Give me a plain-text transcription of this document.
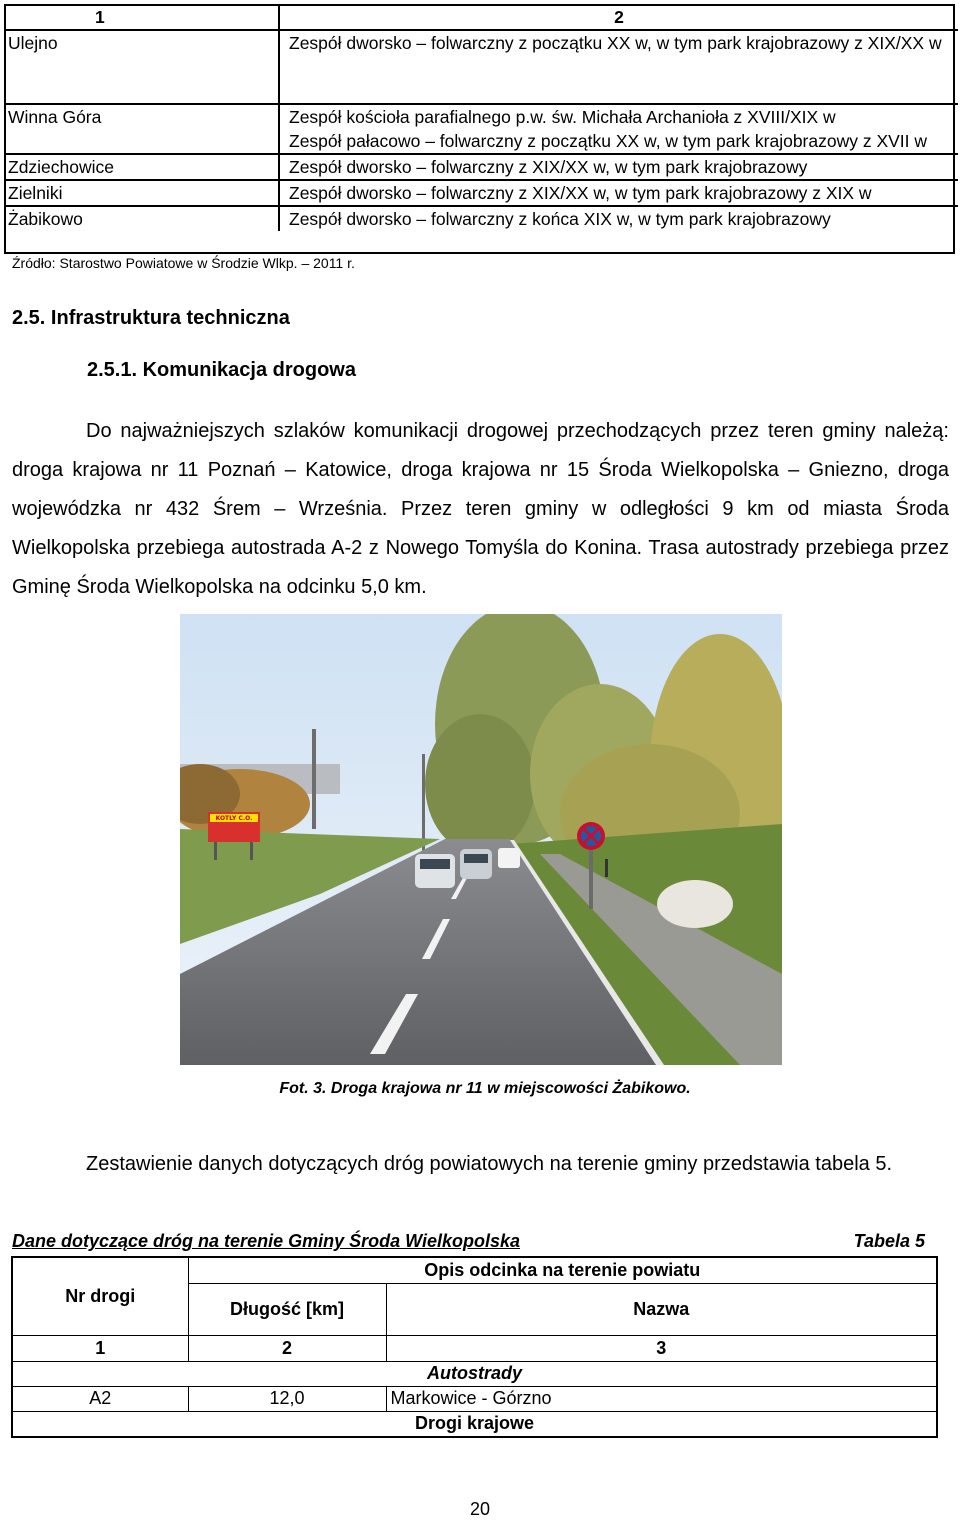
1	2
Ulejno	Zespół dworsko – folwarczny z początku XX w, w tym park krajobrazowy z XIX/XX w
Winna Góra	Zespół kościoła parafialnego p.w. św. Michała Archanioła z XVIII/XIX w
	Zespół pałacowo – folwarczny z początku XX w, w tym park krajobrazowy z XVII w
Zdziechowice	Zespół dworsko – folwarczny z XIX/XX w, w tym park krajobrazowy
Zielniki	Zespół dworsko – folwarczny z XIX/XX w, w tym park krajobrazowy z XIX w
Żabikowo	Zespół dworsko – folwarczny z końca XIX w, w tym park krajobrazowy
Źródło: Starostwo Powiatowe w Środzie Wlkp. – 2011 r.
2.5. Infrastruktura techniczna
2.5.1. Komunikacja drogowa

Do najważniejszych szlaków komunikacji drogowej przechodzących przez teren gminy należą: droga krajowa nr 11 Poznań – Katowice, droga krajowa nr 15 Środa Wielkopolska – Gniezno, droga wojewódzka nr 432 Śrem – Września. Przez teren gminy w odległości 9 km od miasta Środa Wielkopolska przebiega autostrada A-2 z Nowego Tomyśla do Konina. Trasa autostrady przebiega przez Gminę Środa Wielkopolska na odcinku 5,0 km.

KOTLY C.O.
Fot. 3. Droga krajowa nr 11 w miejscowości Żabikowo.

Zestawienie danych dotyczących dróg powiatowych na terenie gminy przedstawia tabela 5.

Dane dotyczące dróg na terenie Gminy Środa Wielkopolska	Tabela 5
Nr drogi	Opis odcinka na terenie powiatu	
	Długość [km]	Nazwa
1	2	3
Autostrady		
A2	12,0	Markowice - Górzno
Drogi krajowe		
20
